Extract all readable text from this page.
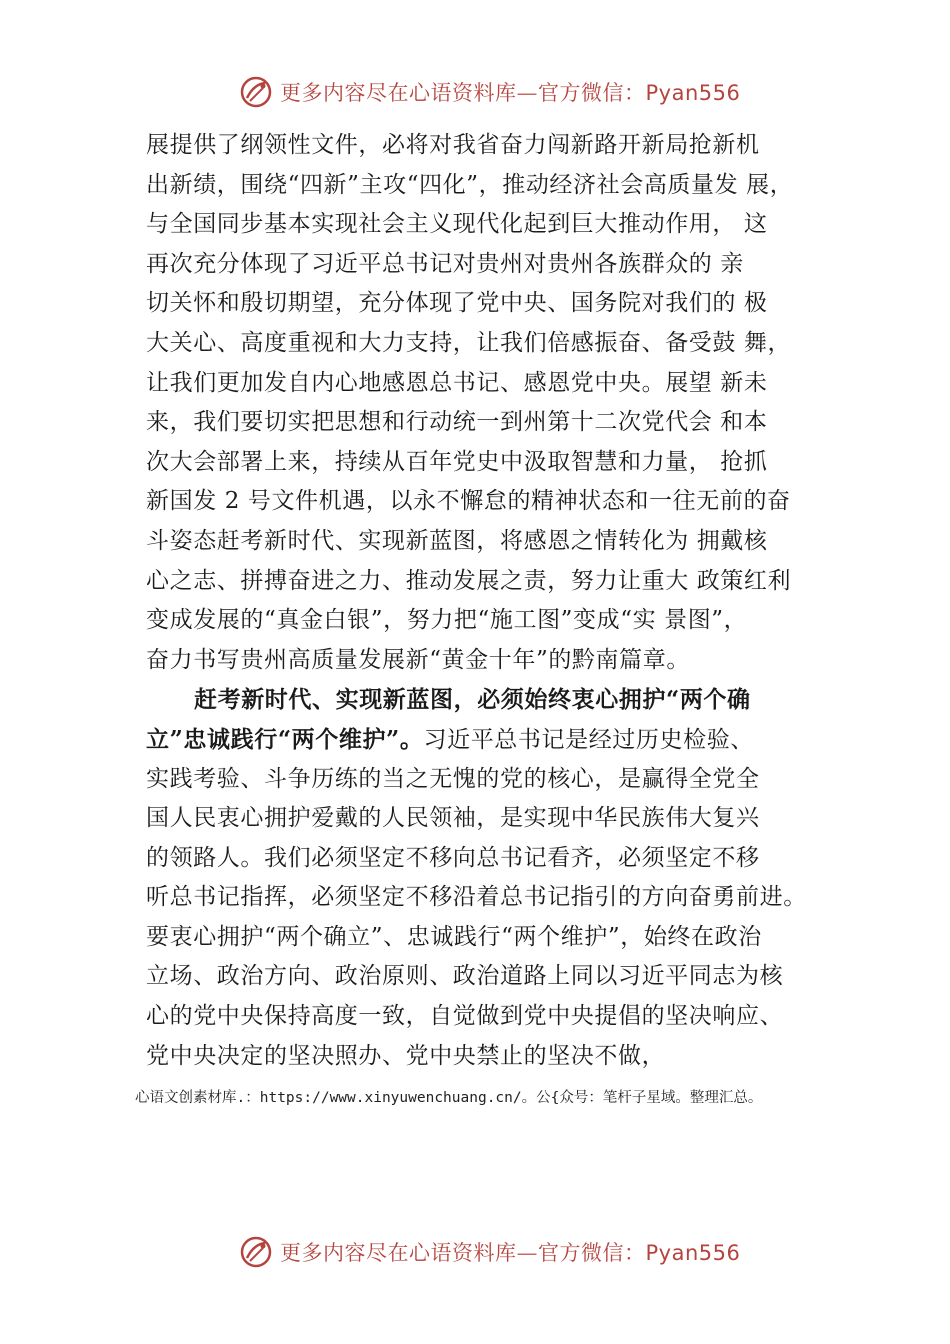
更多内容尽在心语资料库—官方微信：Pyan556
展提供了纲领性文件，必将对我省奋力闯新路开新局抢新机
出新绩，围绕“四新”主攻“四化”，推动经济社会高质量发 展，
与全国同步基本实现社会主义现代化起到巨大推动作用， 这
再次充分体现了习近平总书记对贵州对贵州各族群众的 亲
切关怀和殷切期望，充分体现了党中央、国务院对我们的 极
大关心、高度重视和大力支持，让我们倍感振奋、备受鼓 舞，
让我们更加发自内心地感恩总书记、感恩党中央。展望 新未
来，我们要切实把思想和行动统一到州第十二次党代会 和本
次大会部署上来，持续从百年党史中汲取智慧和力量， 抢抓
新国发 2 号文件机遇，以永不懈怠的精神状态和一往无前的奋
斗姿态赶考新时代、实现新蓝图，将感恩之情转化为 拥戴核
心之志、拼搏奋进之力、推动发展之责，努力让重大 政策红利
变成发展的“真金白银”，努力把“施工图”变成“实 景图”，
奋力书写贵州高质量发展新“黄金十年”的黔南篇章。
赶考新时代、实现新蓝图，必须始终衷心拥护“两个确
立”忠诚践行“两个维护”。习近平总书记是经过历史检验、
实践考验、斗争历练的当之无愧的党的核心，是赢得全党全
国人民衷心拥护爱戴的人民领袖，是实现中华民族伟大复兴
的领路人。我们必须坚定不移向总书记看齐，必须坚定不移
听总书记指挥，必须坚定不移沿着总书记指引的方向奋勇前进。
要衷心拥护“两个确立”、忠诚践行“两个维护”，始终在政治
立场、政治方向、政治原则、政治道路上同以习近平同志为核
心的党中央保持高度一致，自觉做到党中央提倡的坚决响应、
党中央决定的坚决照办、党中央禁止的坚决不做，
心语文创素材库.：https://www.xinyuwenchuang.cn/。公{众号：笔杆子星域。整理汇总。
更多内容尽在心语资料库—官方微信：Pyan556
